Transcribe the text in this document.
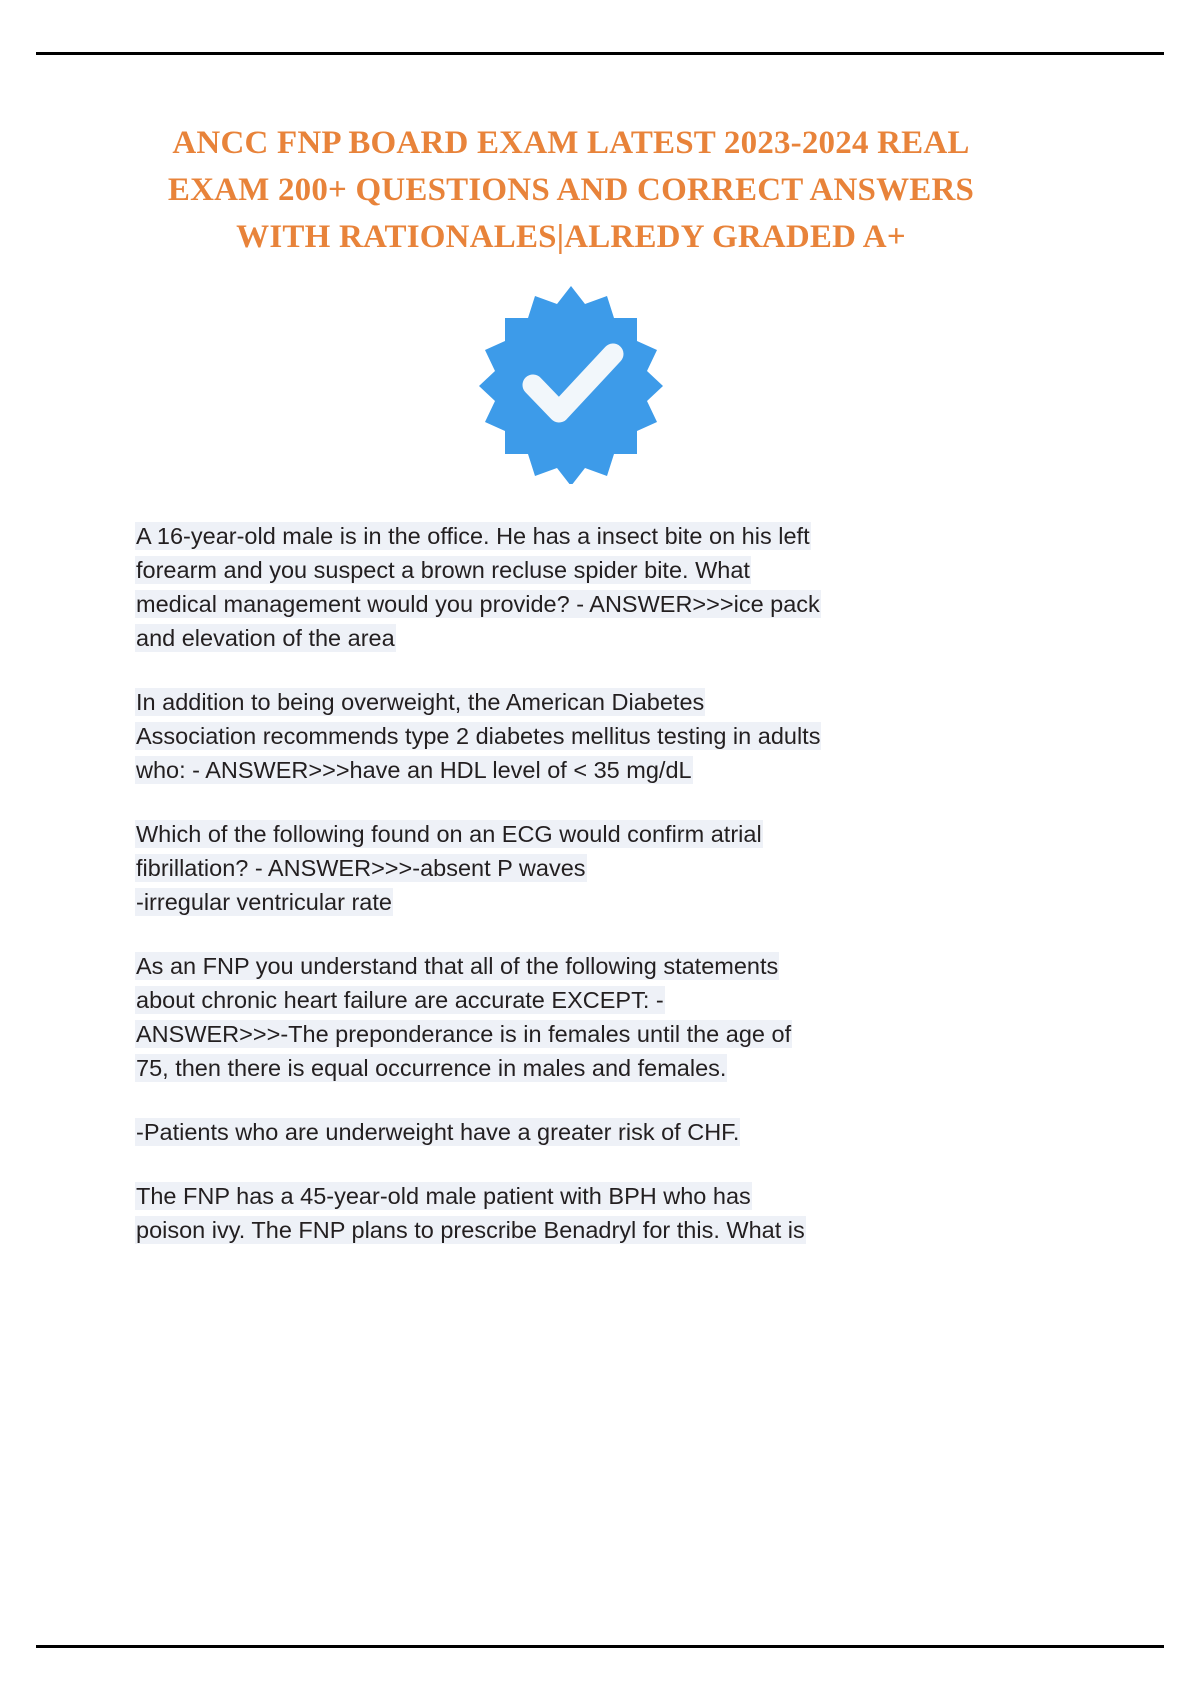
ANCC FNP BOARD EXAM LATEST 2023-2024 REAL EXAM 200+ QUESTIONS AND CORRECT ANSWERS WITH RATIONALES|ALREDY GRADED A+

A 16-year-old male is in the office. He has a insect bite on his left

forearm and you suspect a brown recluse spider bite. What

medical management would you provide? - ANSWER>>>ice pack

and elevation of the area

In addition to being overweight, the American Diabetes

Association recommends type 2 diabetes mellitus testing in adults

who: - ANSWER>>>have an HDL level of < 35 mg/dL

Which of the following found on an ECG would confirm atrial

fibrillation? - ANSWER>>>-absent P waves

-irregular ventricular rate

As an FNP you understand that all of the following statements

about chronic heart failure are accurate EXCEPT: -

ANSWER>>>-The preponderance is in females until the age of

75, then there is equal occurrence in males and females.

-Patients who are underweight have a greater risk of CHF.

The FNP has a 45-year-old male patient with BPH who has

poison ivy. The FNP plans to prescribe Benadryl for this. What is
